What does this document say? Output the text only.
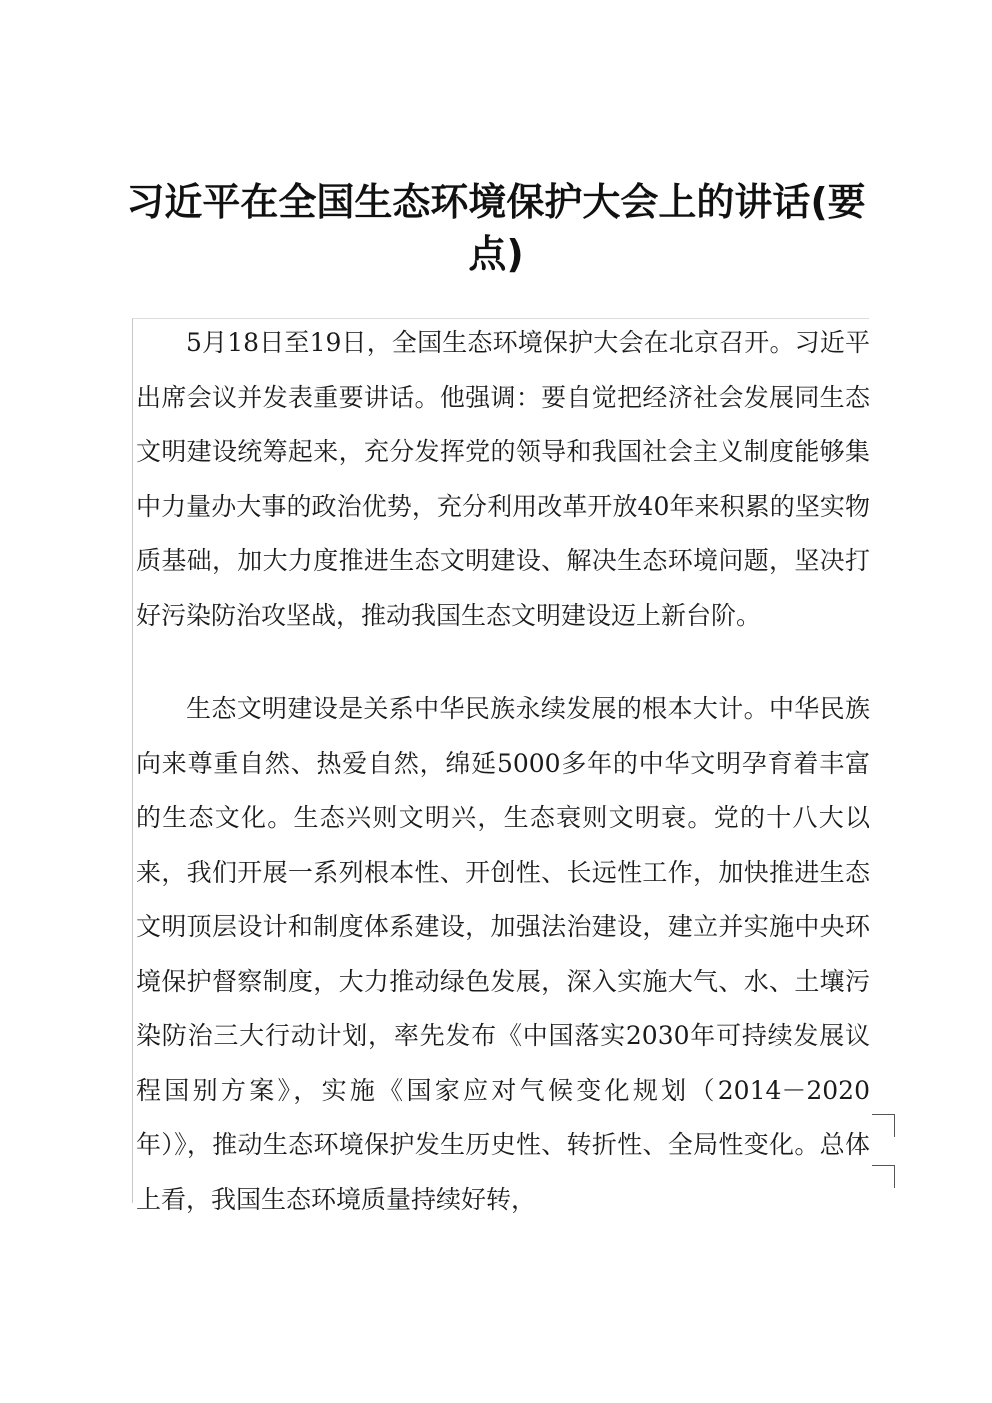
习近平在全国生态环境保护大会上的讲话(要
点)

5月18日至19日，全国生态环境保护大会在北京召开。习近平出席会议并发表重要讲话。他强调：要自觉把经济社会发展同生态文明建设统筹起来，充分发挥党的领导和我国社会主义制度能够集中力量办大事的政治优势，充分利用改革开放40年来积累的坚实物质基础，加大力度推进生态文明建设、解决生态环境问题，坚决打好污染防治攻坚战，推动我国生态文明建设迈上新台阶。

生态文明建设是关系中华民族永续发展的根本大计。中华民族向来尊重自然、热爱自然，绵延5000多年的中华文明孕育着丰富的生态文化。生态兴则文明兴，生态衰则文明衰。党的十八大以来，我们开展一系列根本性、开创性、长远性工作，加快推进生态文明顶层设计和制度体系建设，加强法治建设，建立并实施中央环境保护督察制度，大力推动绿色发展，深入实施大气、水、土壤污染防治三大行动计划，率先发布《中国落实2030年可持续发展议程国别方案》，实施《国家应对气候变化规划（2014－2020年）》，推动生态环境保护发生历史性、转折性、全局性变化。总体上看，我国生态环境质量持续好转，
